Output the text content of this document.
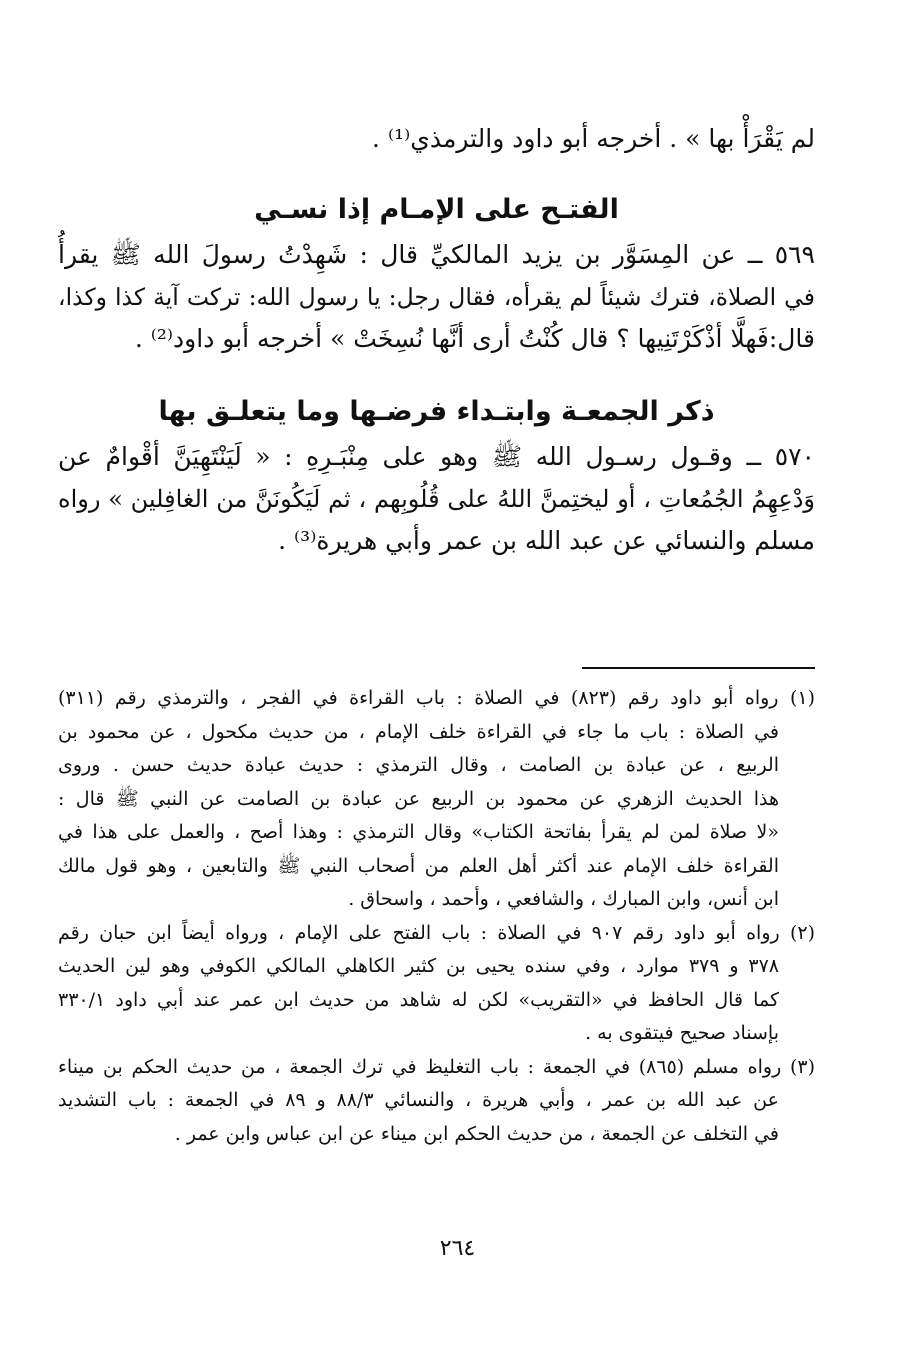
لم يَقْرَأْ بها » . أخرجه أبو داود والترمذي⁽¹⁾ .

الفتـح على الإمـام إذا نسـي

٥٦٩ ــ عن المِسَوَّر بن يزيد المالكيِّ قال : شَهِدْتُ رسولَ الله ﷺ يقرأُ

في الصلاة، فترك شيئاً لم يقرأه، فقال رجل: يا رسول الله: تركت آية كذا وكذا،

قال:فَهلَّا أذْكَرْتَنِيها ؟ قال كُنْتُ أرى أنَّها نُسِخَتْ » أخرجه أبو داود⁽²⁾ .

ذكر الجمعـة وابتـداء فرضـها وما يتعلـق بها

٥٧٠ ــ وقـول رسـول الله ﷺ وهو على مِنْبَـرِهِ : « لَيَنْتَهِيَنَّ أقْوامٌ عن

وَدْعِهِمُ الجُمُعاتِ ، أو ليختِمنَّ اللهُ على قُلُوبِهم ، ثم لَيَكُونَنَّ من الغافِلين » رواه

مسلم والنسائي عن عبد الله بن عمر وأبي هريرة⁽³⁾ .

(١) رواه أبو داود رقم (٨٢٣) في الصلاة : باب القراءة في الفجر ، والترمذي رقم (٣١١)

في الصلاة : باب ما جاء في القراءة خلف الإمام ، من حديث مكحول ، عن محمود بن

الربيع ، عن عبادة بن الصامت ، وقال الترمذي : حديث عبادة حديث حسن . وروى

هذا الحديث الزهري عن محمود بن الربيع عن عبادة بن الصامت عن النبي ﷺ قال :

«لا صلاة لمن لم يقرأ بفاتحة الكتاب» وقال الترمذي : وهذا أصح ، والعمل على هذا في

القراءة خلف الإمام عند أكثر أهل العلم من أصحاب النبي ﷺ والتابعين ، وهو قول مالك

ابن أنس، وابن المبارك ، والشافعي ، وأحمد ، واسحاق .

(٢) رواه أبو داود رقم ٩٠٧ في الصلاة : باب الفتح على الإمام ، ورواه أيضاً ابن حبان رقم

٣٧٨ و ٣٧٩ موارد ، وفي سنده يحيى بن كثير الكاهلي المالكي الكوفي وهو لين الحديث

كما قال الحافظ في «التقريب» لكن له شاهد من حديث ابن عمر عند أبي داود ٣٣٠/١

بإسناد صحيح فيتقوى به .

(٣) رواه مسلم (٨٦٥) في الجمعة : باب التغليظ في ترك الجمعة ، من حديث الحكم بن ميناء

عن عبد الله بن عمر ، وأبي هريرة ، والنسائي ٨٨/٣ و ٨٩ في الجمعة : باب التشديد

في التخلف عن الجمعة ، من حديث الحكم ابن ميناء عن ابن عباس وابن عمر .

٢٦٤
